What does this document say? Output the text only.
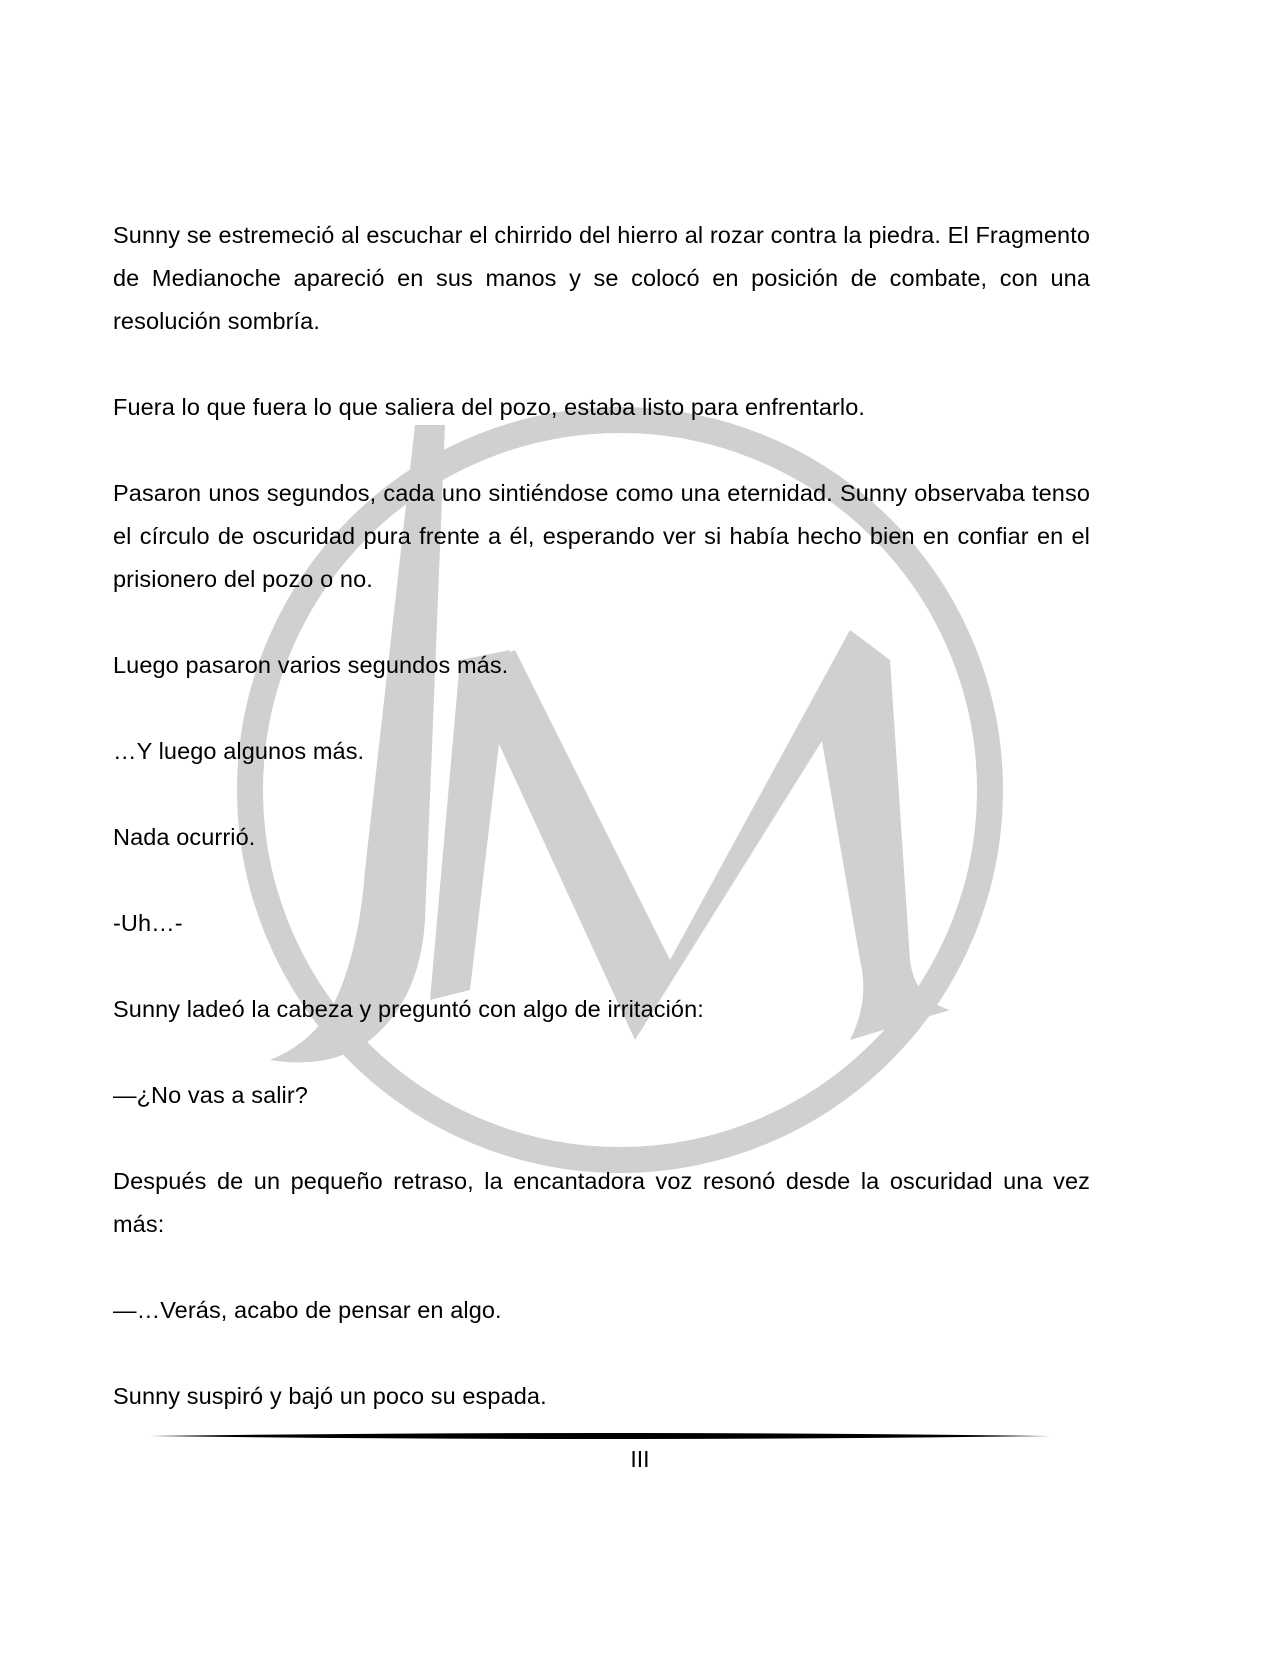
Sunny se estremeció al escuchar el chirrido del hierro al rozar contra la piedra. El Fragmento de Medianoche apareció en sus manos y se colocó en posición de combate, con una resolución sombría.

Fuera lo que fuera lo que saliera del pozo, estaba listo para enfrentarlo.

Pasaron unos segundos, cada uno sintiéndose como una eternidad. Sunny observaba tenso el círculo de oscuridad pura frente a él, esperando ver si había hecho bien en confiar en el prisionero del pozo o no.

Luego pasaron varios segundos más.

…Y luego algunos más.

Nada ocurrió.

-Uh…-

Sunny ladeó la cabeza y preguntó con algo de irritación:

—¿No vas a salir?

Después de un pequeño retraso, la encantadora voz resonó desde la oscuridad una vez más:

—…Verás, acabo de pensar en algo.

Sunny suspiró y bajó un poco su espada.

III
